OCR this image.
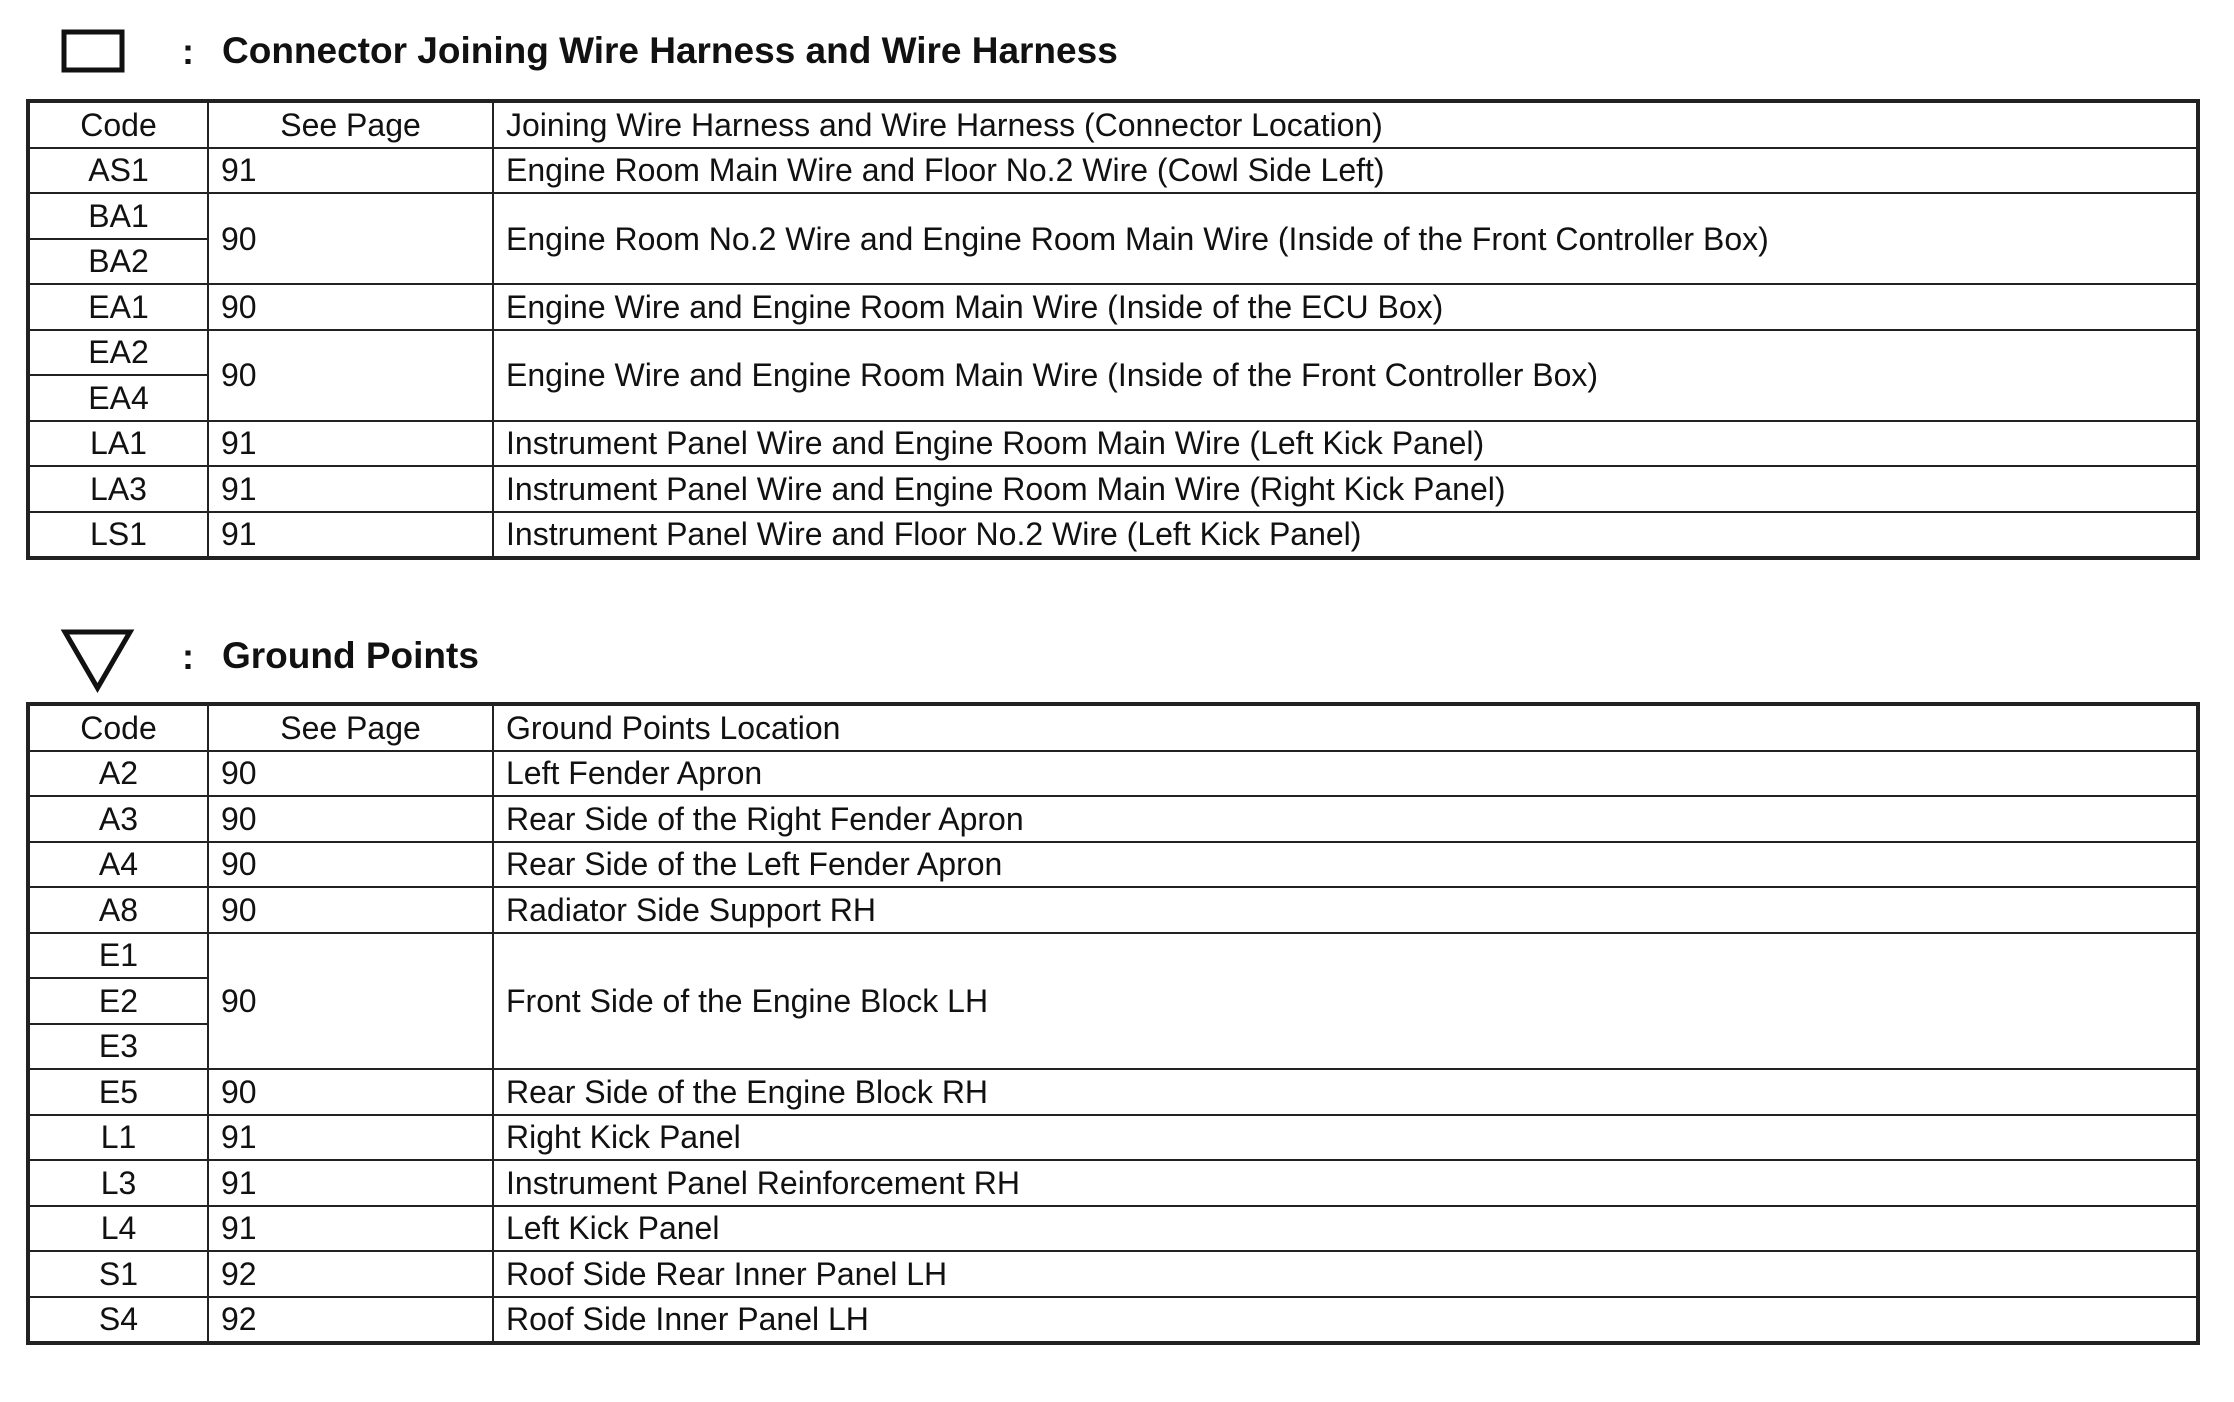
: Connector Joining Wire Harness and Wire Harness
Code	See Page	Joining Wire Harness and Wire Harness (Connector Location)
AS1	91	Engine Room Main Wire and Floor No.2 Wire (Cowl Side Left)
BA1	90	Engine Room No.2 Wire and Engine Room Main Wire (Inside of the Front Controller Box)
BA2		
EA1	90	Engine Wire and Engine Room Main Wire (Inside of the ECU Box)
EA2	90	Engine Wire and Engine Room Main Wire (Inside of the Front Controller Box)
EA4		
LA1	91	Instrument Panel Wire and Engine Room Main Wire (Left Kick Panel)
LA3	91	Instrument Panel Wire and Engine Room Main Wire (Right Kick Panel)
LS1	91	Instrument Panel Wire and Floor No.2 Wire (Left Kick Panel)
: Ground Points
Code	See Page	Ground Points Location
A2	90	Left Fender Apron
A3	90	Rear Side of the Right Fender Apron
A4	90	Rear Side of the Left Fender Apron
A8	90	Radiator Side Support RH
E1	90	Front Side of the Engine Block LH
E2		
E3		
E5	90	Rear Side of the Engine Block RH
L1	91	Right Kick Panel
L3	91	Instrument Panel Reinforcement RH
L4	91	Left Kick Panel
S1	92	Roof Side Rear Inner Panel LH
S4	92	Roof Side Inner Panel LH
